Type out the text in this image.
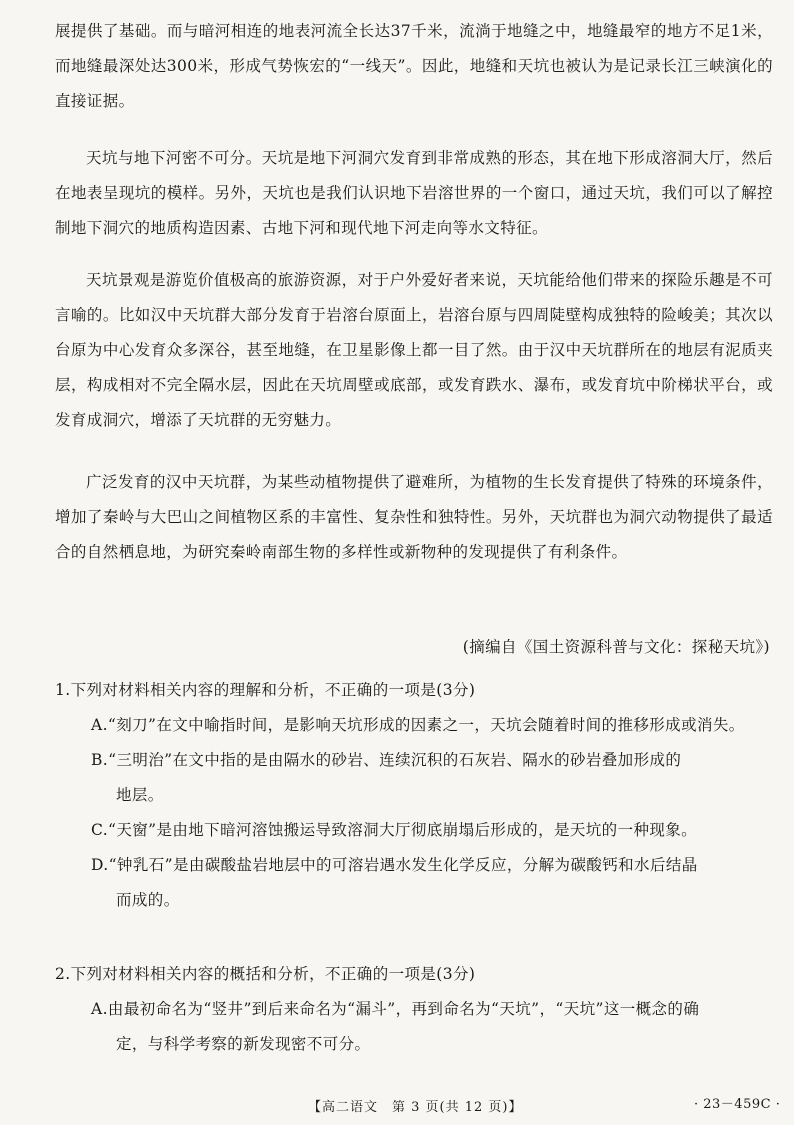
展提供了基础。而与暗河相连的地表河流全长达37千米，流淌于地缝之中，地缝最窄的地方不足1米，而地缝最深处达300米，形成气势恢宏的“一线天”。因此，地缝和天坑也被认为是记录长江三峡演化的直接证据。
天坑与地下河密不可分。天坑是地下河洞穴发育到非常成熟的形态，其在地下形成溶洞大厅，然后在地表呈现坑的模样。另外，天坑也是我们认识地下岩溶世界的一个窗口，通过天坑，我们可以了解控制地下洞穴的地质构造因素、古地下河和现代地下河走向等水文特征。
天坑景观是游览价值极高的旅游资源，对于户外爱好者来说，天坑能给他们带来的探险乐趣是不可言喻的。比如汉中天坑群大部分发育于岩溶台原面上，岩溶台原与四周陡壁构成独特的险峻美；其次以台原为中心发育众多深谷，甚至地缝，在卫星影像上都一目了然。由于汉中天坑群所在的地层有泥质夹层，构成相对不完全隔水层，因此在天坑周壁或底部，或发育跌水、瀑布，或发育坑中阶梯状平台，或发育成洞穴，增添了天坑群的无穷魅力。
广泛发育的汉中天坑群，为某些动植物提供了避难所，为植物的生长发育提供了特殊的环境条件，增加了秦岭与大巴山之间植物区系的丰富性、复杂性和独特性。另外，天坑群也为洞穴动物提供了最适合的自然栖息地，为研究秦岭南部生物的多样性或新物种的发现提供了有利条件。
(摘编自《国土资源科普与文化：探秘天坑》)
1.下列对材料相关内容的理解和分析，不正确的一项是(3分)
A.“刻刀”在文中喻指时间，是影响天坑形成的因素之一，天坑会随着时间的推移形成或消失。
B.“三明治”在文中指的是由隔水的砂岩、连续沉积的石灰岩、隔水的砂岩叠加形成的
地层。
C.“天窗”是由地下暗河溶蚀搬运导致溶洞大厅彻底崩塌后形成的，是天坑的一种现象。
D.“钟乳石”是由碳酸盐岩地层中的可溶岩遇水发生化学反应，分解为碳酸钙和水后结晶
而成的。
2.下列对材料相关内容的概括和分析，不正确的一项是(3分)
A.由最初命名为“竖井”到后来命名为“漏斗”，再到命名为“天坑”，“天坑”这一概念的确
定，与科学考察的新发现密不可分。
【高二语文　第 3 页(共 12 页)】	· 23－459C ·
